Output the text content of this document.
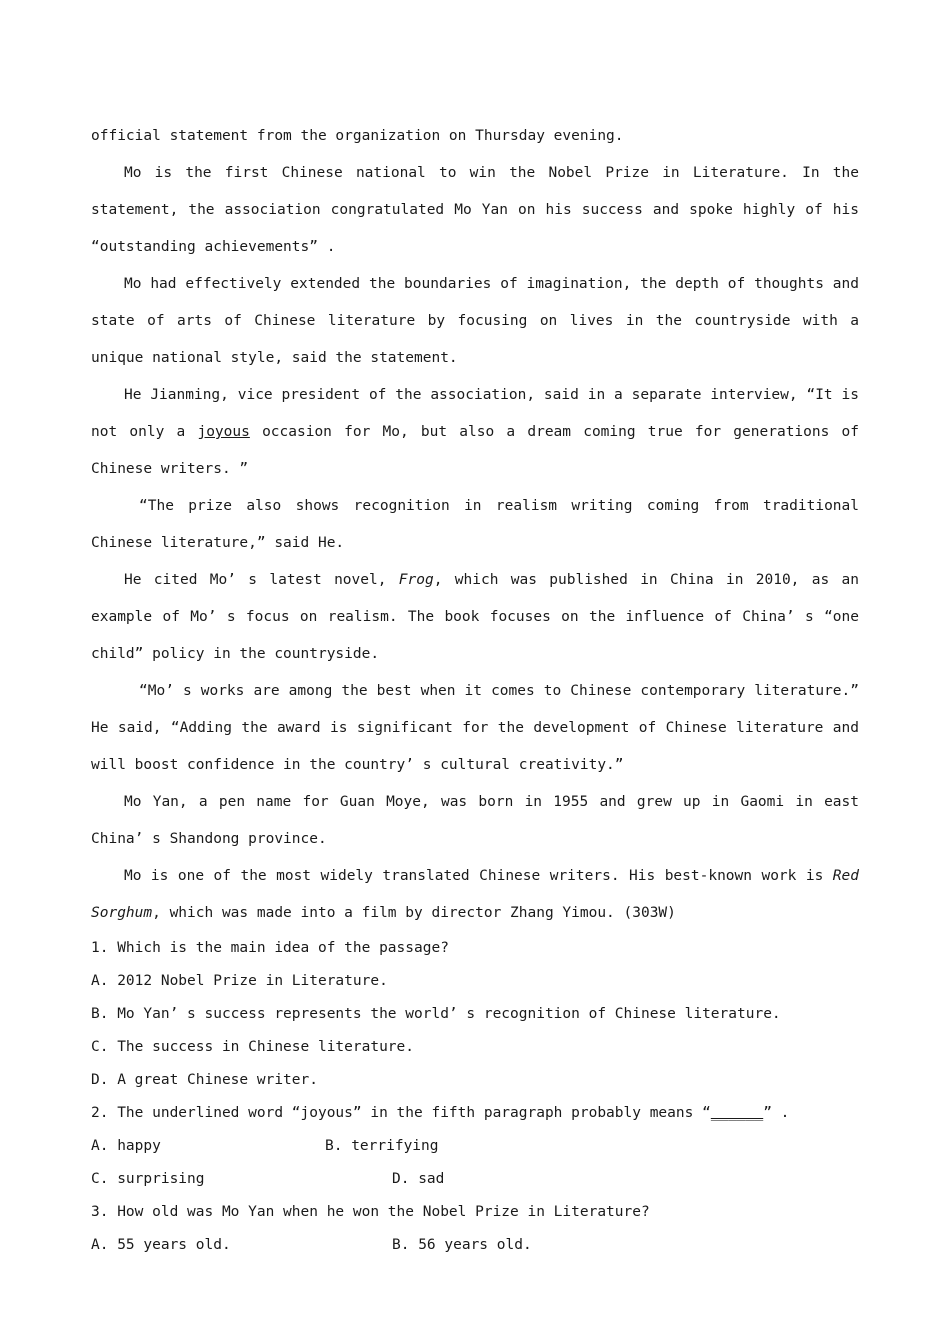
official statement from the organization on Thursday evening.

Mo is the first Chinese national to win the Nobel Prize in Literature. In the statement, the association congratulated Mo Yan on his success and spoke highly of his “outstanding achievements” .

Mo had effectively extended the boundaries of imagination, the depth of thoughts and state of arts of Chinese literature by focusing on lives in the countryside with a unique national style, said the statement.

He Jianming, vice president of the association, said in a separate interview, “It is not only a joyous occasion for Mo, but also a dream coming true for generations of Chinese writers. ”

“The prize also shows recognition in realism writing coming from traditional Chinese literature,” said He.

He cited Mo’ s latest novel, Frog, which was published in China in 2010, as an example of Mo’ s focus on realism. The book focuses on the influence of China’ s “one child” policy in the countryside.

“Mo’ s works are among the best when it comes to Chinese contemporary literature.” He said, “Adding the award is significant for the development of Chinese literature and will boost confidence in the country’ s cultural creativity.”

Mo Yan, a pen name for Guan Moye, was born in 1955 and grew up in Gaomi in east China’ s Shandong province.

Mo is one of the most widely translated Chinese writers. His best-known work is Red Sorghum, which was made into a film by director Zhang Yimou. (303W)

1. Which is the main idea of the passage?

A. 2012 Nobel Prize in Literature.

B. Mo Yan’ s success represents the world’ s recognition of Chinese literature.

C. The success in Chinese literature.

D. A great Chinese writer.

2. The underlined word “joyous” in the fifth paragraph probably means “______” .

A. happy	B. terrifying
C. surprising	D. sad

3. How old was Mo Yan when he won the Nobel Prize in Literature?

A. 55 years old.	B. 56 years old.
